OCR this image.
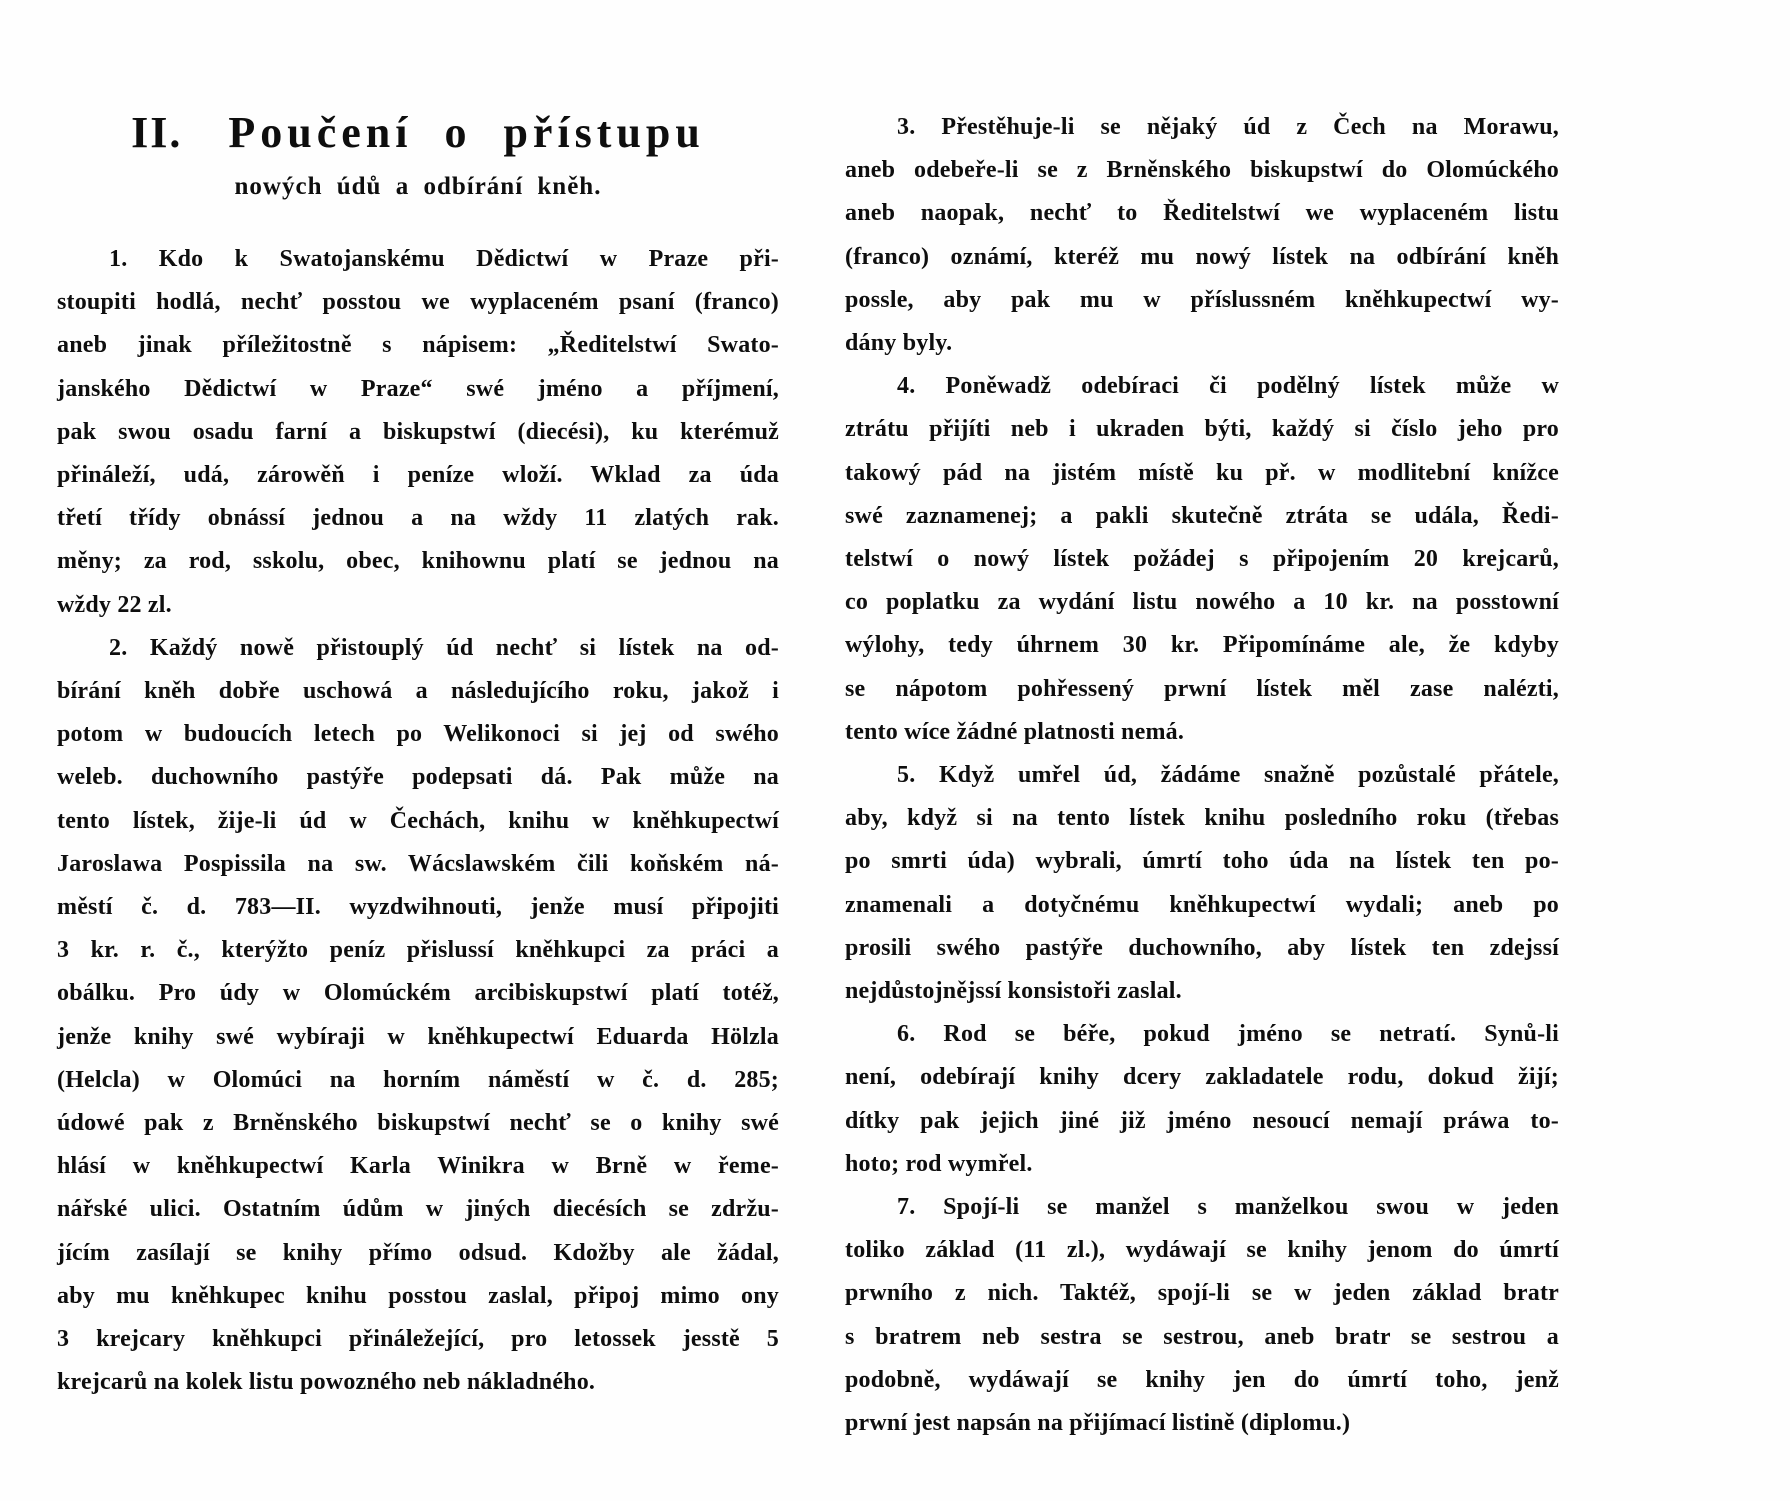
II. Poučení o přístupu
nowých údů a odbírání kněh.

1. Kdo k Swatojanskému Dědictwí w Praze při-
stoupiti hodlá, nechť posstou we wyplaceném psaní (franco)
aneb jinak příležitostně s nápisem: „Ředitelstwí Swato-
janského Dědictwí w Praze“ swé jméno a příjmení,
pak swou osadu farní a biskupstwí (diecési), ku kterémuž
přináleží, udá, zárowěň i peníze wloží. Wklad za úda
třetí třídy obnássí jednou a na wždy 11 zlatých rak.
měny; za rod, sskolu, obec, knihownu platí se jednou na
wždy 22 zl.

2. Každý nowě přistouplý úd nechť si lístek na od-
bírání kněh dobře uschowá a následujícího roku, jakož i
potom w budoucích letech po Welikonoci si jej od swého
weleb. duchowního pastýře podepsati dá. Pak může na
tento lístek, žije-li úd w Čechách, knihu w kněhkupectwí
Jaroslawa Pospissila na sw. Wácslawském čili koňském ná-
městí č. d. 783—II. wyzdwihnouti, jenže musí připojiti
3 kr. r. č., kterýžto peníz přislussí kněhkupci za práci a
obálku. Pro údy w Olomúckém arcibiskupstwí platí totéž,
jenže knihy swé wybíraji w kněhkupectwí Eduarda Hölzla
(Helcla) w Olomúci na horním náměstí w č. d. 285;
údowé pak z Brněnského biskupstwí nechť se o knihy swé
hlásí w kněhkupectwí Karla Winikra w Brně w řeme-
nářské ulici. Ostatním údům w jiných diecésích se zdržu-
jícím zasílají se knihy přímo odsud. Kdožby ale žádal,
aby mu kněhkupec knihu posstou zaslal, připoj mimo ony
3 krejcary kněhkupci přináležející, pro letossek jesstě 5
krejcarů na kolek listu powozného neb nákladného.

3. Přestěhuje-li se nějaký úd z Čech na Morawu,
aneb odebeře-li se z Brněnského biskupstwí do Olomúckého
aneb naopak, nechť to Ředitelstwí we wyplaceném listu
(franco) oznámí, kteréž mu nowý lístek na odbírání kněh
possle, aby pak mu w příslussném kněhkupectwí wy-
dány byly.

4. Poněwadž odebíraci či podělný lístek může w
ztrátu přijíti neb i ukraden býti, každý si číslo jeho pro
takowý pád na jistém místě ku př. w modlitební knížce
swé zaznamenej; a pakli skutečně ztráta se udála, Ředi-
telstwí o nowý lístek požádej s připojením 20 krejcarů,
co poplatku za wydání listu nowého a 10 kr. na posstowní
wýlohy, tedy úhrnem 30 kr. Připomínáme ale, že kdyby
se nápotom pohřessený prwní lístek měl zase nalézti,
tento wíce žádné platnosti nemá.

5. Když umřel úd, žádáme snažně pozůstalé přátele,
aby, když si na tento lístek knihu posledního roku (třebas
po smrti úda) wybrali, úmrtí toho úda na lístek ten po-
znamenali a dotyčnému kněhkupectwí wydali; aneb po
prosili swého pastýře duchowního, aby lístek ten zdejssí
nejdůstojnějssí konsistoři zaslal.

6. Rod se béře, pokud jméno se netratí. Synů-li
není, odebírají knihy dcery zakladatele rodu, dokud žijí;
dítky pak jejich jiné již jméno nesoucí nemají práwa to-
hoto; rod wymřel.

7. Spojí-li se manžel s manželkou swou w jeden
toliko základ (11 zl.), wydáwají se knihy jenom do úmrtí
prwního z nich. Taktéž, spojí-li se w jeden základ bratr
s bratrem neb sestra se sestrou, aneb bratr se sestrou a
podobně, wydáwají se knihy jen do úmrtí toho, jenž
prwní jest napsán na přijímací listině (diplomu.)
